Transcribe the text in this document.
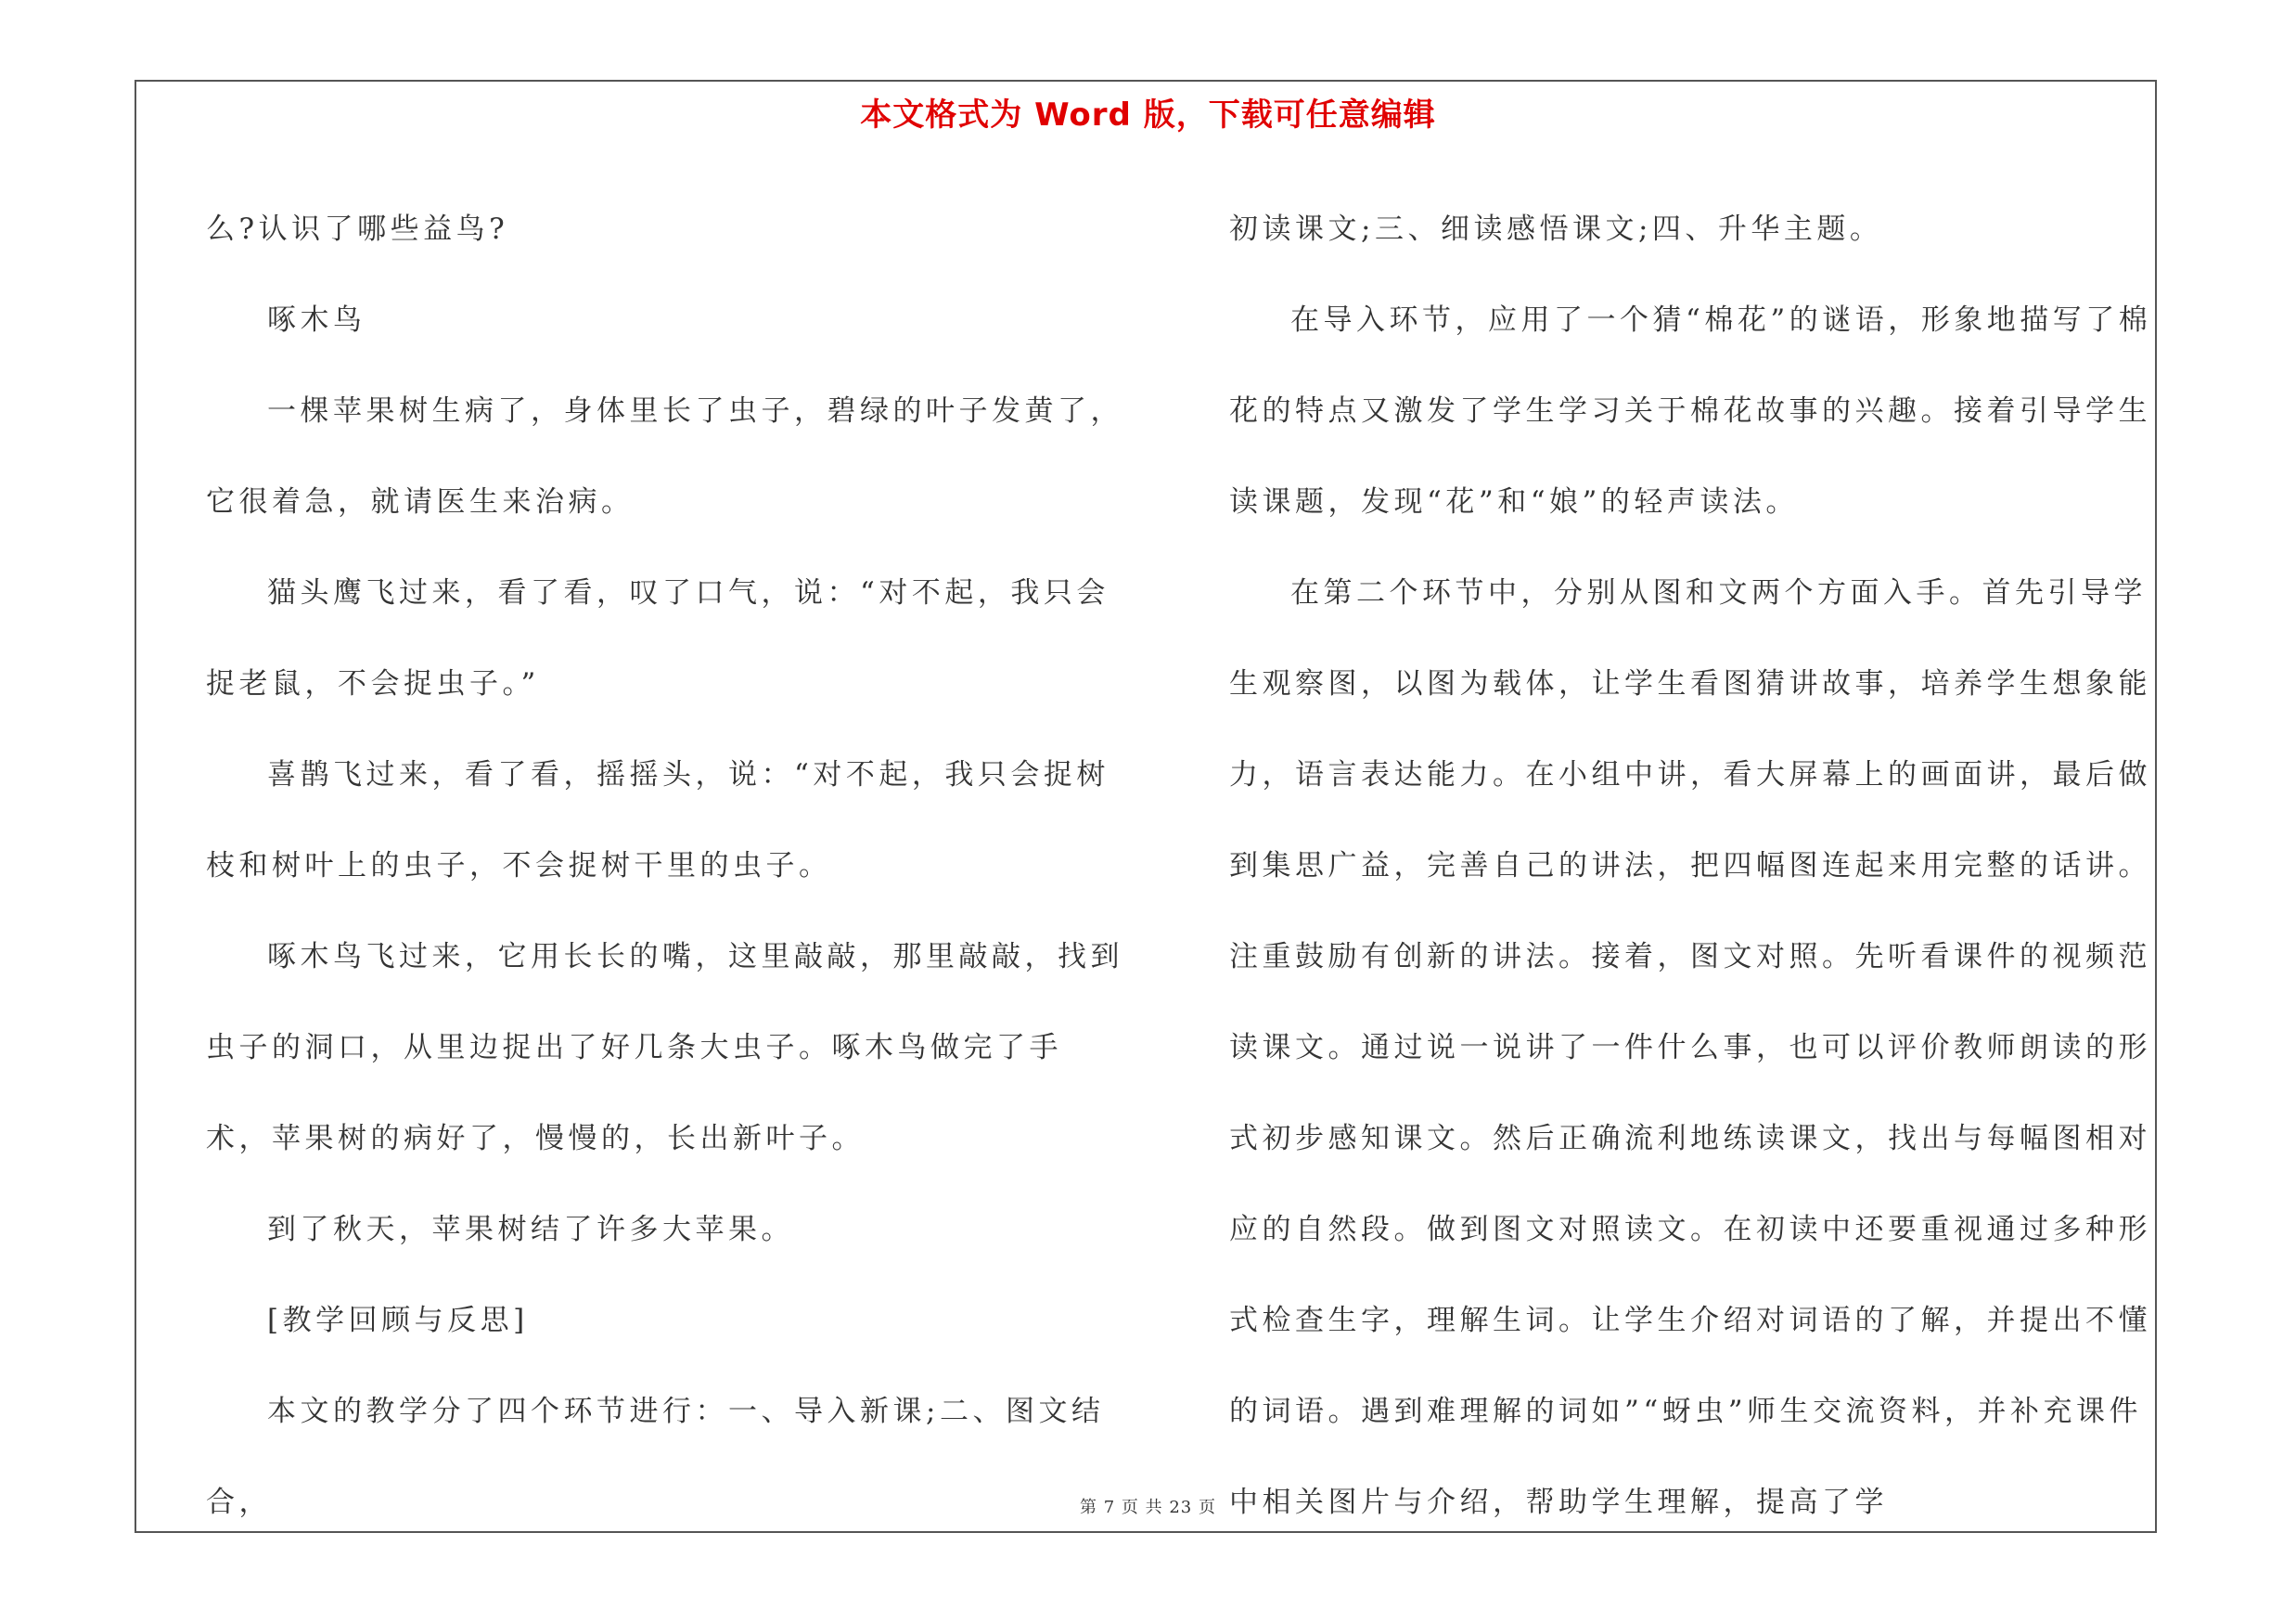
本文格式为 Word 版，下载可任意编辑

么?认识了哪些益鸟?

啄木鸟

一棵苹果树生病了，身体里长了虫子，碧绿的叶子发黄了，它很着急，就请医生来治病。

猫头鹰飞过来，看了看，叹了口气，说：“对不起，我只会捉老鼠，不会捉虫子。”

喜鹊飞过来，看了看，摇摇头，说：“对不起，我只会捉树枝和树叶上的虫子，不会捉树干里的虫子。

啄木鸟飞过来，它用长长的嘴，这里敲敲，那里敲敲，找到虫子的洞口，从里边捉出了好几条大虫子。啄木鸟做完了手术，苹果树的病好了，慢慢的，长出新叶子。

到了秋天，苹果树结了许多大苹果。

[教学回顾与反思]

本文的教学分了四个环节进行：一、导入新课;二、图文结合，

初读课文;三、细读感悟课文;四、升华主题。

在导入环节，应用了一个猜“棉花”的谜语，形象地描写了棉花的特点又激发了学生学习关于棉花故事的兴趣。接着引导学生读课题，发现“花”和“娘”的轻声读法。

在第二个环节中，分别从图和文两个方面入手。首先引导学生观察图，以图为载体，让学生看图猜讲故事，培养学生想象能力，语言表达能力。在小组中讲，看大屏幕上的画面讲，最后做到集思广益，完善自己的讲法，把四幅图连起来用完整的话讲。注重鼓励有创新的讲法。接着，图文对照。先听看课件的视频范读课文。通过说一说讲了一件什么事，也可以评价教师朗读的形式初步感知课文。然后正确流利地练读课文，找出与每幅图相对应的自然段。做到图文对照读文。在初读中还要重视通过多种形式检查生字，理解生词。让学生介绍对词语的了解，并提出不懂的词语。遇到难理解的词如”“蚜虫”师生交流资料，并补充课件中相关图片与介绍，帮助学生理解，提高了学

第 7 页 共 23 页
